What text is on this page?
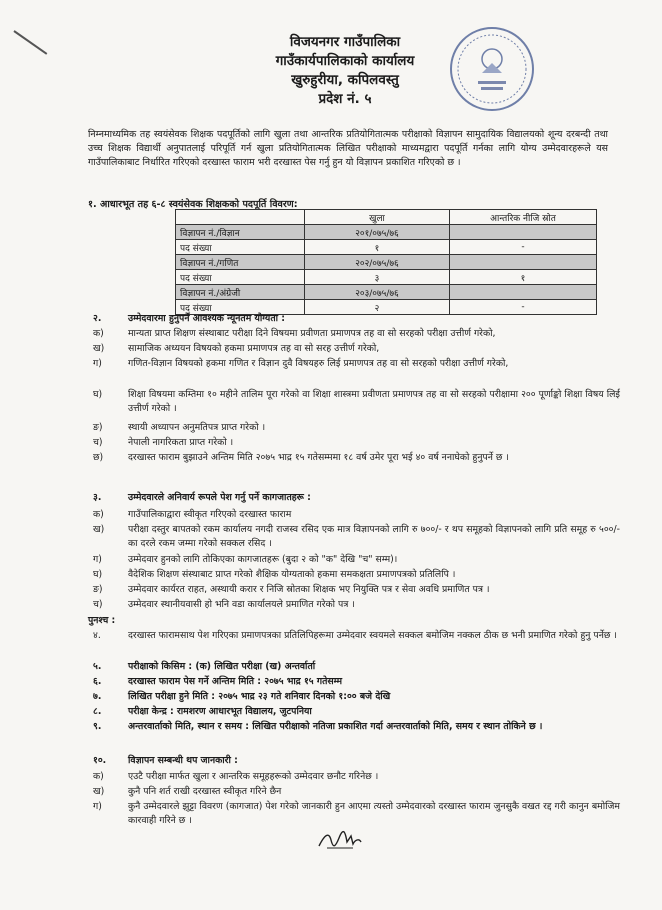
विजयनगर गाउँपालिका
गाउँकार्यपालिकाको कार्यालय
खुरुहुरीया, कपिलवस्तु
प्रदेश नं. ५
निम्नमाध्यमिक तह स्वयंसेवक शिक्षक पदपूर्तिको लागि खुला तथा आन्तरिक प्रतियोगितात्मक परीक्षाको विज्ञापन सामुदायिक विद्यालयको शून्य दरबन्दी तथा उच्च शिक्षक विद्यार्थी अनुपातलाई परिपूर्ति गर्न खुला प्रतियोगितात्मक लिखित परीक्षाको माध्यमद्वारा पदपूर्ति गर्नका लागि योग्य उम्मेदवारहरूले यस गाउँपालिकाबाट निर्धारित गरिएको दरखास्त फाराम भरी दरखास्त पेस गर्नु हुन यो विज्ञापन प्रकाशित गरिएको छ ।
१. आधारभूत तह ६-८ स्वयंसेवक शिक्षकको पदपूर्ति विवरण:
	खुला	आन्तरिक नीजि स्रोत
विज्ञापन नं./विज्ञान	२०१/०७५/७६	
पद संख्या	१	-
विज्ञापन नं./गणित	२०२/०७५/७६	
पद संख्या	३	१
विज्ञापन नं./अंग्रेजी	२०३/०७५/७६	
पद संख्या	२	-
२.	उम्मेदवारमा हुनुपर्ने आवश्यक न्यूनतम योग्यता :
क)	मान्यता प्राप्त शिक्षण संस्थाबाट परीक्षा दिने विषयमा प्रवीणता प्रमाणपत्र तह वा सो सरहको परीक्षा उत्तीर्ण गरेको,
ख)	सामाजिक अध्ययन विषयको हकमा प्रमाणपत्र तह वा सो सरह उत्तीर्ण गरेको,
ग)	गणित-विज्ञान विषयको हकमा गणित र विज्ञान दुवै विषयहरु लिई प्रमाणपत्र तह वा सो सरहको परीक्षा उत्तीर्ण गरेको,
घ)	शिक्षा विषयमा कम्तिमा १० महीने तालिम पूरा गरेको वा शिक्षा शास्त्रमा प्रवीणता प्रमाणपत्र तह वा सो सरहको परीक्षामा २०० पूर्णाङ्को शिक्षा विषय लिई उत्तीर्ण गरेको ।
ङ)	स्थायी अध्यापन अनुमतिपत्र प्राप्त गरेको ।
च)	नेपाली नागरिकता प्राप्त गरेको ।
छ)	दरखास्त फाराम बुझाउने अन्तिम मिति २०७५ भाद्र १५ गतेसम्ममा १८ वर्ष उमेर पूरा भई ४० वर्ष ननाघेको हुनुपर्ने छ ।
३.	उम्मेदवारले अनिवार्य रूपले पेश गर्नु पर्ने कागजातहरू :
क)	गाउँपालिकाद्वारा स्वीकृत गरिएको दरखास्त फाराम
ख)	परीक्षा दस्तुर बापतको रकम कार्यालय नगदी राजस्व रसिद एक मात्र विज्ञापनको लागि रु ७००/- र थप समूहको विज्ञापनको लागि प्रति समूह रु ५००/- का दरले रकम जम्मा गरेको सक्कल रसिद ।
ग)	उम्मेदवार हुनको लागि तोकिएका कागजातहरू (बुदा २ को "क" देखि "च" सम्म)।
घ)	वैदेशिक शिक्षण संस्थाबाट प्राप्त गरेको शैक्षिक योग्यताको हकमा समकक्षता प्रमाणपत्रको प्रतिलिपि ।
ङ)	उम्मेदवार कार्यरत राहत, अस्थायी करार र निजि स्रोतका शिक्षक भए नियुक्ति पत्र र सेवा अवधि प्रमाणित पत्र ।
च)	उम्मेदवार स्थानीयवासी हो भनि वडा कार्यालयले प्रमाणित गरेको पत्र ।
पुनश्च :
४.	दरखास्त फारामसाथ पेश गरिएका प्रमाणपत्रका प्रतिलिपिहरूमा उम्मेदवार स्वयमले सक्कल बमोजिम नक्कल ठीक छ भनी प्रमाणित गरेको हुनु पर्नेछ ।
५.	परीक्षाको किसिम : (क) लिखित परीक्षा (ख) अन्तर्वार्ता
६.	दरखास्त फाराम पेस गर्ने अन्तिम मिति : २०७५ भाद्र १५ गतेसम्म
७.	लिखित परीक्षा हुने मिति : २०७५ भाद्र २३ गते शनिवार दिनको १:०० बजे देखि
८.	परीक्षा केन्द्र : रामशरण आधारभूत विद्यालय, जुटपनिया
९.	अन्तरवार्ताको मिति, स्थान र समय : लिखित परीक्षाको नतिजा प्रकाशित गर्दा अन्तरवार्ताको मिति, समय र स्थान तोकिने छ ।
१०.	विज्ञापन सम्बन्धी थप जानकारी :
क)	एउटै परीक्षा मार्फत खुला र आन्तरिक समूहहरूको उम्मेदवार छनौट गरिनेछ ।
ख)	कुनै पनि शर्त राखी दरखास्त स्वीकृत गरिने छैन
ग)	कुनै उम्मेदवारले झुट्टा विवरण (कागजात) पेश गरेको जानकारी हुन आएमा त्यस्तो उम्मेदवारको दरखास्त फाराम जुनसुकै वखत रद्द गरी कानुन बमोजिम कारवाही गरिने छ ।
